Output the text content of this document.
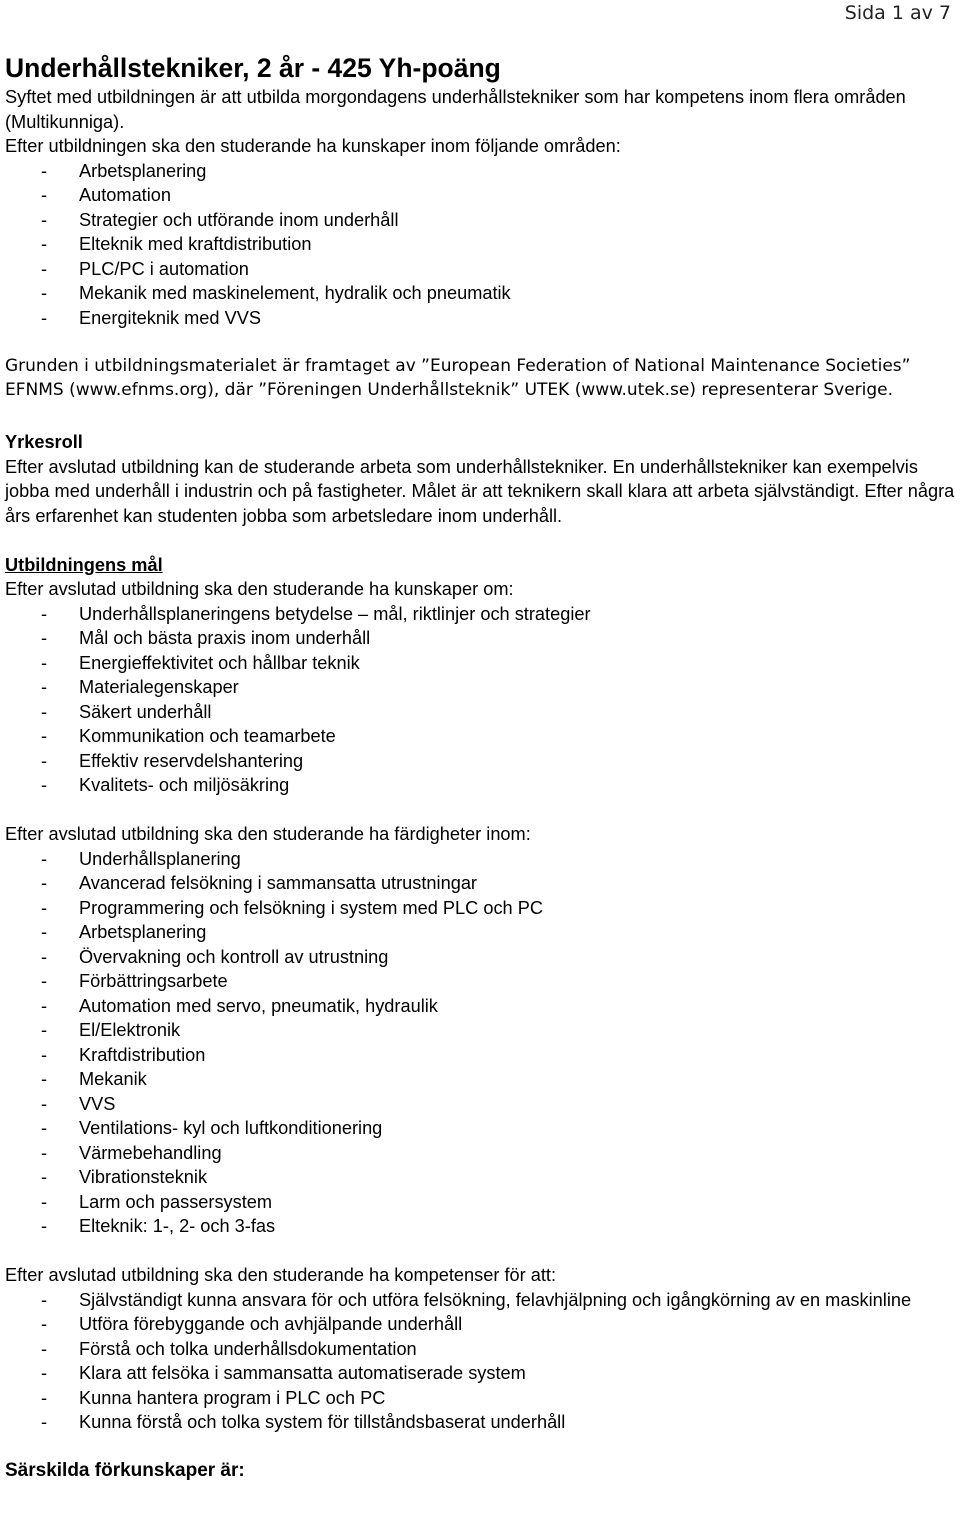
Sida 1 av 7
Underhållstekniker, 2 år - 425 Yh-poäng
Syftet med utbildningen är att utbilda morgondagens underhållstekniker som har kompetens inom flera områden (Multikunniga).
Efter utbildningen ska den studerande ha kunskaper inom följande områden:
- Arbetsplanering
- Automation
- Strategier och utförande inom underhåll
- Elteknik med kraftdistribution
- PLC/PC i automation
- Mekanik med maskinelement, hydralik och pneumatik
- Energiteknik med VVS
Grunden i utbildningsmaterialet är framtaget av ”European Federation of National Maintenance Societies” EFNMS (www.efnms.org), där ”Föreningen Underhållsteknik” UTEK (www.utek.se) representerar Sverige.
Yrkesroll
Efter avslutad utbildning kan de studerande arbeta som underhållstekniker. En underhållstekniker kan exempelvis jobba med underhåll i industrin och på fastigheter. Målet är att teknikern skall klara att arbeta självständigt. Efter några års erfarenhet kan studenten jobba som arbetsledare inom underhåll.
Utbildningens mål
Efter avslutad utbildning ska den studerande ha kunskaper om:
- Underhållsplaneringens betydelse – mål, riktlinjer och strategier
- Mål och bästa praxis inom underhåll
- Energieffektivitet och hållbar teknik
- Materialegenskaper
- Säkert underhåll
- Kommunikation och teamarbete
- Effektiv reservdelshantering
- Kvalitets- och miljösäkring
Efter avslutad utbildning ska den studerande ha färdigheter inom:
- Underhållsplanering
- Avancerad felsökning i sammansatta utrustningar
- Programmering och felsökning i system med PLC och PC
- Arbetsplanering
- Övervakning och kontroll av utrustning
- Förbättringsarbete
- Automation med servo, pneumatik, hydraulik
- El/Elektronik
- Kraftdistribution
- Mekanik
- VVS
- Ventilations- kyl och luftkonditionering
- Värmebehandling
- Vibrationsteknik
- Larm och passersystem
- Elteknik: 1-, 2- och 3-fas
Efter avslutad utbildning ska den studerande ha kompetenser för att:
- Självständigt kunna ansvara för och utföra felsökning, felavhjälpning och igångkörning av en maskinline
- Utföra förebyggande och avhjälpande underhåll
- Förstå och tolka underhållsdokumentation
- Klara att felsöka i sammansatta automatiserade system
- Kunna hantera program i PLC och PC
- Kunna förstå och tolka system för tillståndsbaserat underhåll
Särskilda förkunskaper är:
